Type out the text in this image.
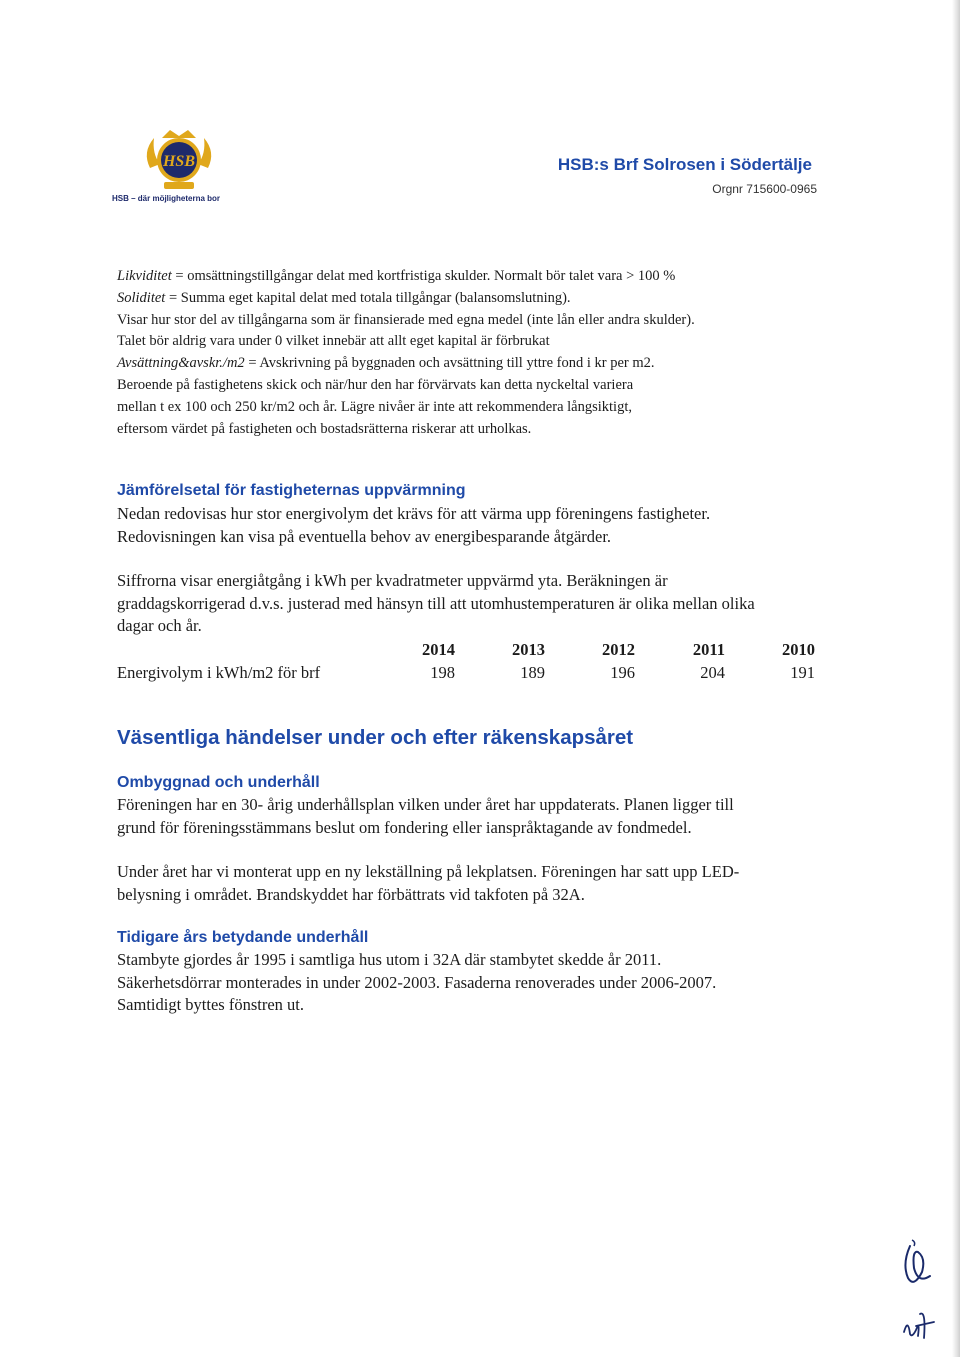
HSB
HSB – där möjligheterna bor
HSB:s Brf Solrosen i Södertälje
Orgnr 715600-0965

Likviditet = omsättningstillgångar delat med kortfristiga skulder. Normalt bör talet vara > 100 %

Soliditet = Summa eget kapital delat med totala tillgångar (balansomslutning).

Visar hur stor del av tillgångarna som är finansierade med egna medel (inte lån eller andra skulder).

Talet bör aldrig vara under 0 vilket innebär att allt eget kapital är förbrukat

Avsättning&avskr./m2 = Avskrivning på byggnaden och avsättning till yttre fond i kr per m2.

Beroende på fastighetens skick och när/hur den har förvärvats kan detta nyckeltal variera

mellan t ex 100 och 250 kr/m2 och år. Lägre nivåer är inte att rekommendera långsiktigt,

eftersom värdet på fastigheten och bostadsrätterna riskerar att urholkas.

Jämförelsetal för fastigheternas uppvärmning

Nedan redovisas hur stor energivolym det krävs för att värma upp föreningens fastigheter.

Redovisningen kan visa på eventuella behov av energibesparande åtgärder.

Siffrorna visar energiåtgång i kWh per kvadratmeter uppvärmd yta. Beräkningen är

graddagskorrigerad d.v.s. justerad med hänsyn till att utomhustemperaturen är olika mellan olika

dagar och år.

	2014	2013	2012	2011	2010
Energivolym i kWh/m2 för brf	198	189	196	204	191
Väsentliga händelser under och efter räkenskapsåret
Ombyggnad och underhåll

Föreningen har en 30- årig underhållsplan vilken under året har uppdaterats. Planen ligger till

grund för föreningsstämmans beslut om fondering eller ianspråktagande av fondmedel.

Under året har vi monterat upp en ny lekställning på lekplatsen. Föreningen har satt upp LED-

belysning i området. Brandskyddet har förbättrats vid takfoten på 32A.

Tidigare års betydande underhåll

Stambyte gjordes år 1995 i samtliga hus utom i 32A där stambytet skedde år 2011.

Säkerhetsdörrar monterades in under 2002-2003. Fasaderna renoverades under 2006-2007.

Samtidigt byttes fönstren ut.
